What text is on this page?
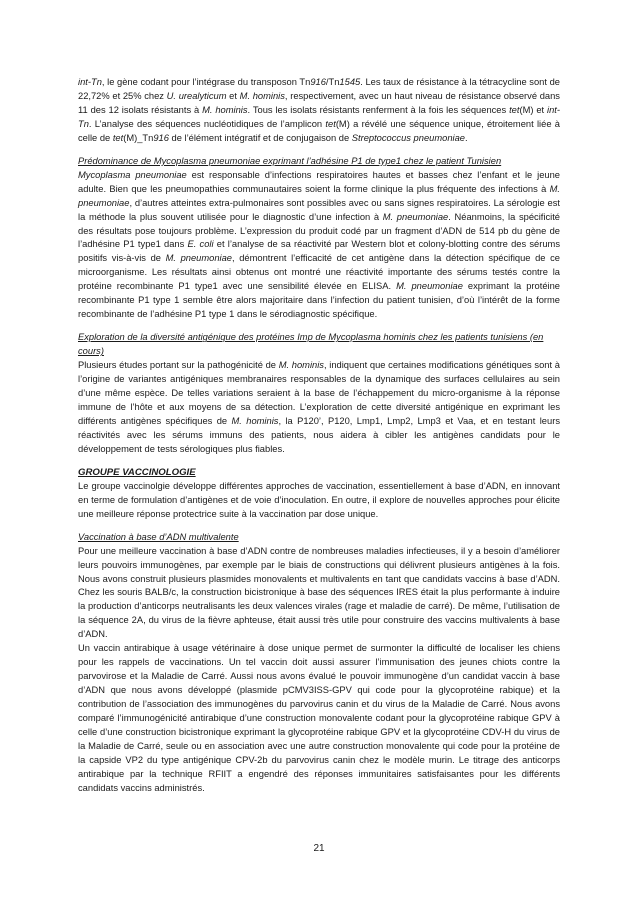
int-Tn, le gène codant pour l’intégrase du transposon Tn916/Tn1545. Les taux de résistance à la tétracycline sont de 22,72% et 25% chez U. urealyticum et M. hominis, respectivement, avec un haut niveau de résistance observé dans 11 des 12 isolats résistants à M. hominis. Tous les isolats résistants renferment à la fois les séquences tet(M) et int-Tn. L’analyse des séquences nucléotidiques de l’amplicon tet(M) a révélé une séquence unique, étroitement liée à celle de tet(M)_Tn916 de l’élément intégratif et de conjugaison de Streptococcus pneumoniae.

Prédominance de Mycoplasma pneumoniae exprimant l’adhésine P1 de type1 chez le patient Tunisien

Mycoplasma pneumoniae est responsable d’infections respiratoires hautes et basses chez l’enfant et le jeune adulte. Bien que les pneumopathies communautaires soient la forme clinique la plus fréquente des infections à M. pneumoniae, d’autres atteintes extra-pulmonaires sont possibles avec ou sans signes respiratoires. La sérologie est la méthode la plus souvent utilisée pour le diagnostic d’une infection à M. pneumoniae. Néanmoins, la spécificité des résultats pose toujours problème. L’expression du produit codé par un fragment d’ADN de 514 pb du gène de l’adhésine P1 type1 dans E. coli et l’analyse de sa réactivité par Western blot et colony-blotting contre des sérums positifs vis-à-vis de M. pneumoniae, démontrent l’efficacité de cet antigène dans la détection spécifique de ce microorganisme. Les résultats ainsi obtenus ont montré une réactivité importante des sérums testés contre la protéine recombinante P1 type1 avec une sensibilité élevée en ELISA. M. pneumoniae exprimant la protéine recombinante P1 type 1 semble être alors majoritaire dans l’infection du patient tunisien, d’où l’intérêt de la forme recombinante de l’adhésine P1 type 1 dans le sérodiagnostic spécifique.

Exploration de la diversité antigénique des protéines Imp de Mycoplasma hominis chez les patients tunisiens (en cours)

Plusieurs études portant sur la pathogénicité de M. hominis, indiquent que certaines modifications génétiques sont à l’origine de variantes antigéniques membranaires responsables de la dynamique des surfaces cellulaires au sein d’une même espèce. De telles variations seraient à la base de l’échappement du micro-organisme à la réponse immune de l’hôte et aux moyens de sa détection. L’exploration de cette diversité antigénique en exprimant les différents antigènes spécifiques de M. hominis, la P120’, P120, Lmp1, Lmp2, Lmp3 et Vaa, et en testant leurs réactivités avec les sérums immuns des patients, nous aidera à cibler les antigènes candidats pour le développement de tests sérologiques plus fiables.

GROUPE VACCINOLOGIE

Le groupe vaccinolgie développe différentes approches de vaccination, essentiellement à base d’ADN, en innovant en terme de formulation d’antigènes et de voie d’inoculation. En outre, il explore de nouvelles approches pour élicite une meilleure réponse protectrice suite à la vaccination par dose unique.

Vaccination à base d’ADN multivalente

Pour une meilleure vaccination à base d’ADN contre de nombreuses maladies infectieuses, il y a besoin d’améliorer leurs pouvoirs immunogènes, par exemple par le biais de constructions qui délivrent plusieurs antigènes à la fois. Nous avons construit plusieurs plasmides monovalents et multivalents en tant que candidats vaccins à base d’ADN. Chez les souris BALB/c, la construction bicistronique à base des séquences IRES était la plus performante à induire la production d’anticorps neutralisants les deux valences virales (rage et maladie de carré). De même, l’utilisation de la séquence 2A, du virus de la fièvre aphteuse, était aussi très utile pour construire des vaccins multivalents à base d’ADN.

Un vaccin antirabique à usage vétérinaire à dose unique permet de surmonter la difficulté de localiser les chiens pour les rappels de vaccinations. Un tel vaccin doit aussi assurer l’immunisation des jeunes chiots contre la parvovirose et la Maladie de Carré. Aussi nous avons évalué le pouvoir immunogène d’un candidat vaccin à base d’ADN que nous avons développé (plasmide pCMV3ISS-GPV qui code pour la glycoprotéine rabique) et la contribution de l’association des immunogènes du parvovirus canin et du virus de la Maladie de Carré. Nous avons comparé l’immunogénicité antirabique d’une construction monovalente codant pour la glycoprotéine rabique GPV à celle d’une construction bicistronique exprimant la glycoprotéine rabique GPV et la glycoprotéine CDV-H du virus de la Maladie de Carré, seule ou en association avec une autre construction monovalente qui code pour la protéine de la capside VP2 du type antigénique CPV-2b du parvovirus canin chez le modèle murin. Le titrage des anticorps antirabique par la technique RFIIT a engendré des réponses immunitaires satisfaisantes pour les différents candidats vaccins administrés.

21
